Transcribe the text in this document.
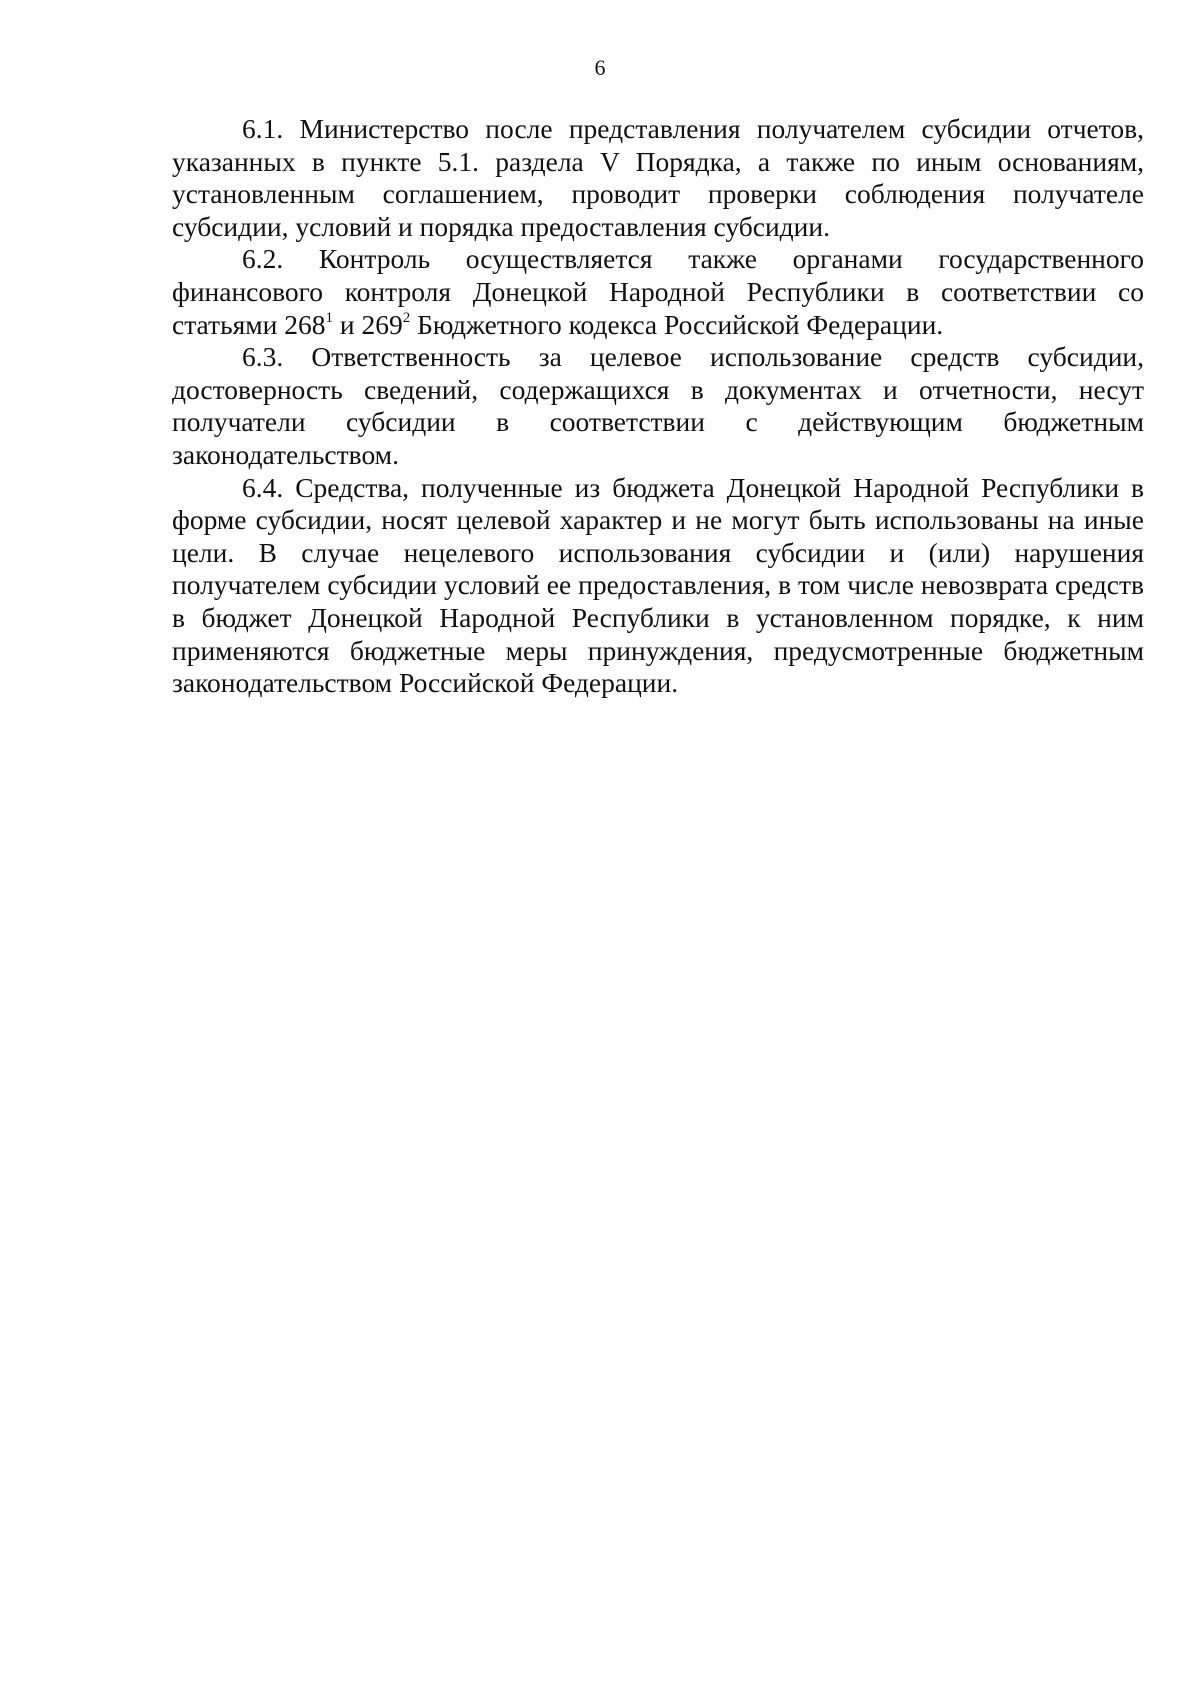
6

6.1. Министерство после представления получателем субсидии отчетов, указанных в пункте 5.1. раздела V Порядка, а также по иным основаниям, установленным соглашением, проводит проверки соблюдения получателе субсидии, условий и порядка предоставления субсидии.

6.2. Контроль осуществляется также органами государственного финансового контроля Донецкой Народной Республики в соответствии со статьями $268^1$ и $269^2$ Бюджетного кодекса Российской Федерации.

6.3. Ответственность за целевое использование средств субсидии, достоверность сведений, содержащихся в документах и отчетности, несут получатели субсидии в соответствии с действующим бюджетным законодательством.

6.4. Средства, полученные из бюджета Донецкой Народной Республики в форме субсидии, носят целевой характер и не могут быть использованы на иные цели. В случае нецелевого использования субсидии и (или) нарушения получателем субсидии условий ее предоставления, в том числе невозврата средств в бюджет Донецкой Народной Республики в установленном порядке, к ним применяются бюджетные меры принуждения, предусмотренные бюджетным законодательством Российской Федерации.
